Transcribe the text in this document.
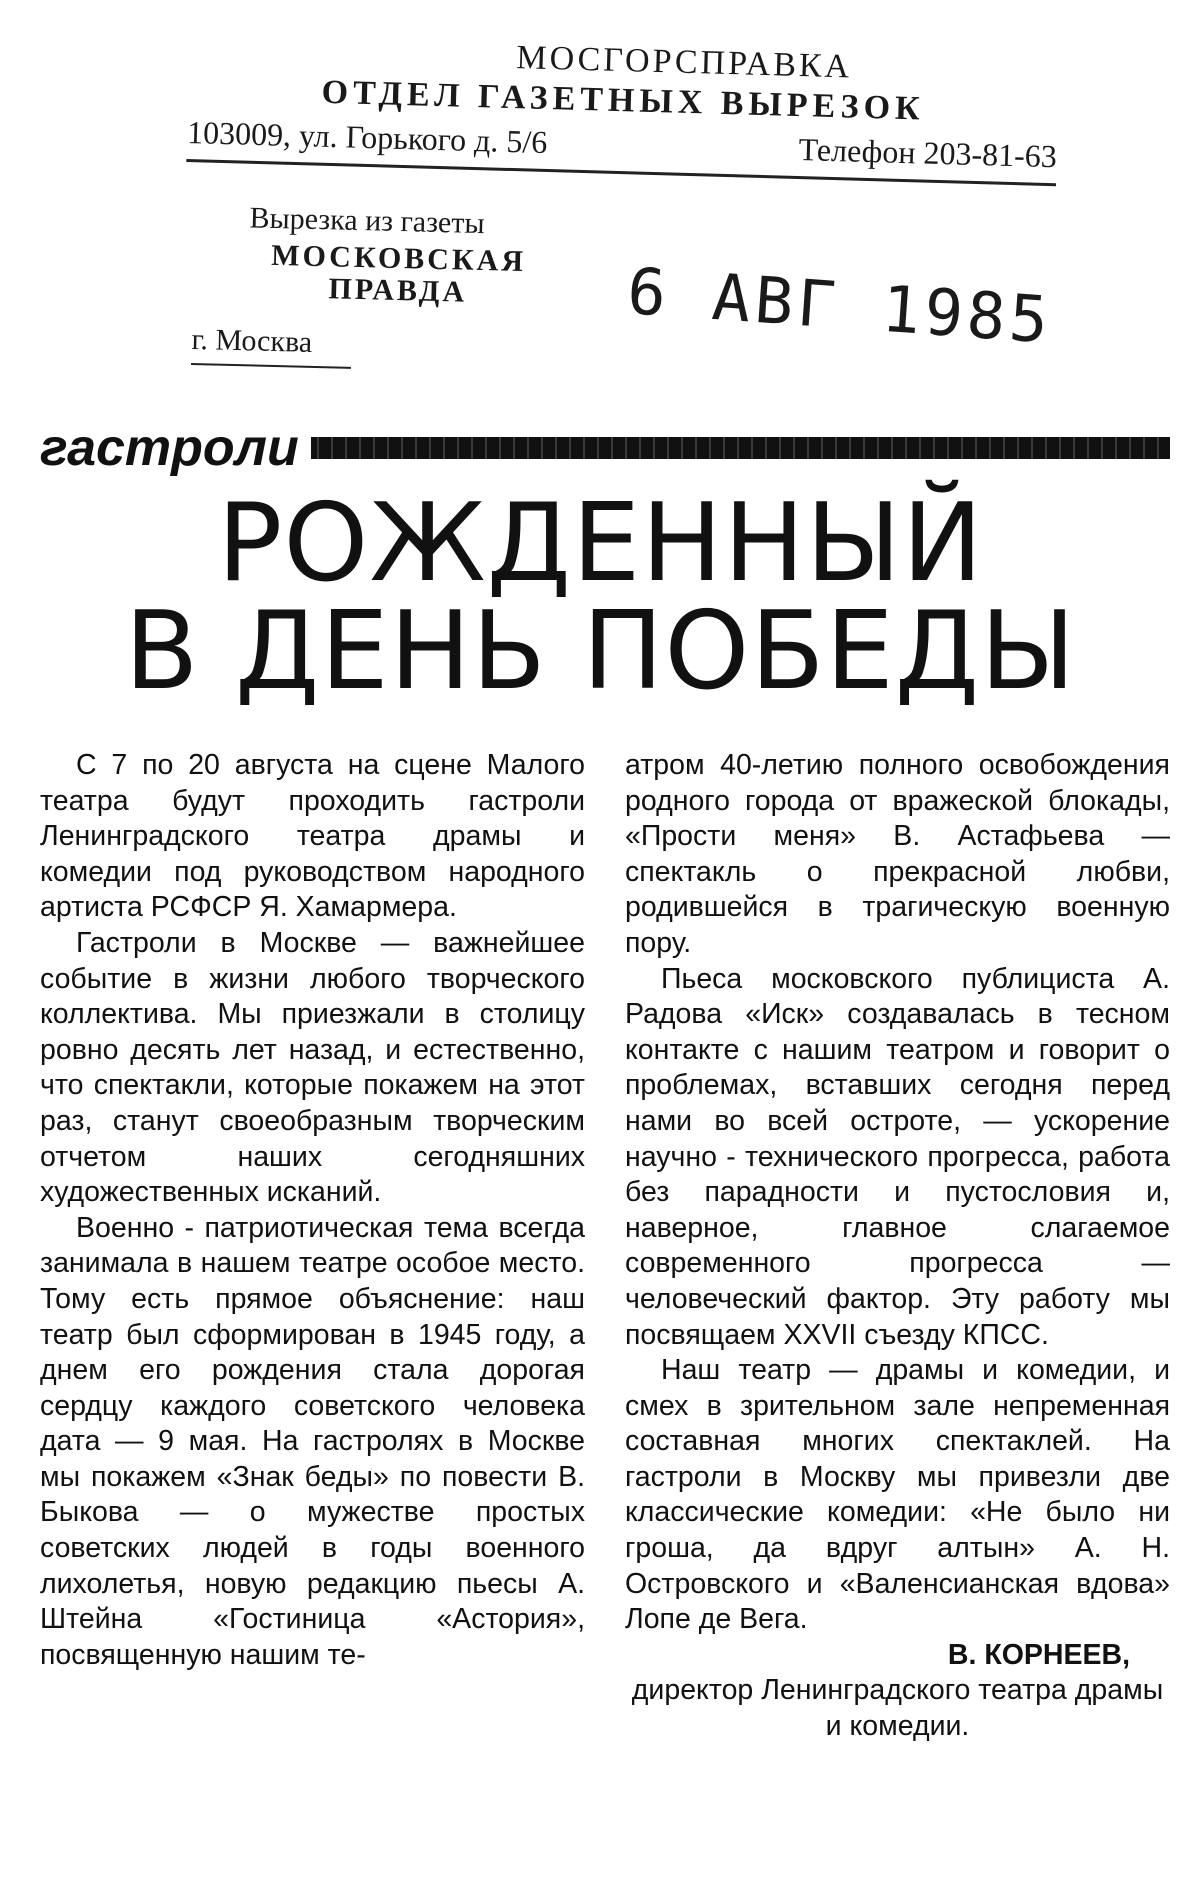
МОСГОРСПРАВКА
ОТДЕЛ ГАЗЕТНЫХ ВЫРЕЗОК
103009, ул. Горького д. 5/6	Телефон 203-81-63
Вырезка из газеты
МОСКОВСКАЯ ПРАВДА
г. Москва	6 АВГ 1985
гастроли
РОЖДЕННЫЙ
В ДЕНЬ ПОБЕДЫ

С 7 по 20 августа на сцене Малого театра будут проходить гастроли Ленинградского театра драмы и комедии под руководством народного артиста РСФСР Я. Хамармера.

Гастроли в Москве — важнейшее событие в жизни любого творческого коллектива. Мы приезжали в столицу ровно десять лет назад, и естественно, что спектакли, которые покажем на этот раз, станут своеобразным творческим отчетом наших сегодняшних художественных исканий.

Военно - патриотическая тема всегда занимала в нашем театре особое место. Тому есть прямое объяснение: наш театр был сформирован в 1945 году, а днем его рождения стала дорогая сердцу каждого советского человека дата — 9 мая. На гастролях в Москве мы покажем «Знак беды» по повести В. Быкова — о мужестве простых советских людей в годы военного лихолетья, новую редакцию пьесы А. Штейна «Гостиница «Астория», посвященную нашим те-

атром 40-летию полного освобождения родного города от вражеской блокады, «Прости меня» В. Астафьева — спектакль о прекрасной любви, родившейся в трагическую военную пору.

Пьеса московского публициста А. Радова «Иск» создавалась в тесном контакте с нашим театром и говорит о проблемах, вставших сегодня перед нами во всей остроте, — ускорение научно - технического прогресса, работа без парадности и пустословия и, наверное, главное слагаемое современного прогресса — человеческий фактор. Эту работу мы посвящаем XXVII съезду КПСС.

Наш театр — драмы и комедии, и смех в зрительном зале непременная составная многих спектаклей. На гастроли в Москву мы привезли две классические комедии: «Не было ни гроша, да вдруг алтын» А. Н. Островского и «Валенсианская вдова» Лопе де Вега.

В. КОРНЕЕВ,

директор Ленинградского театра драмы и комедии.
